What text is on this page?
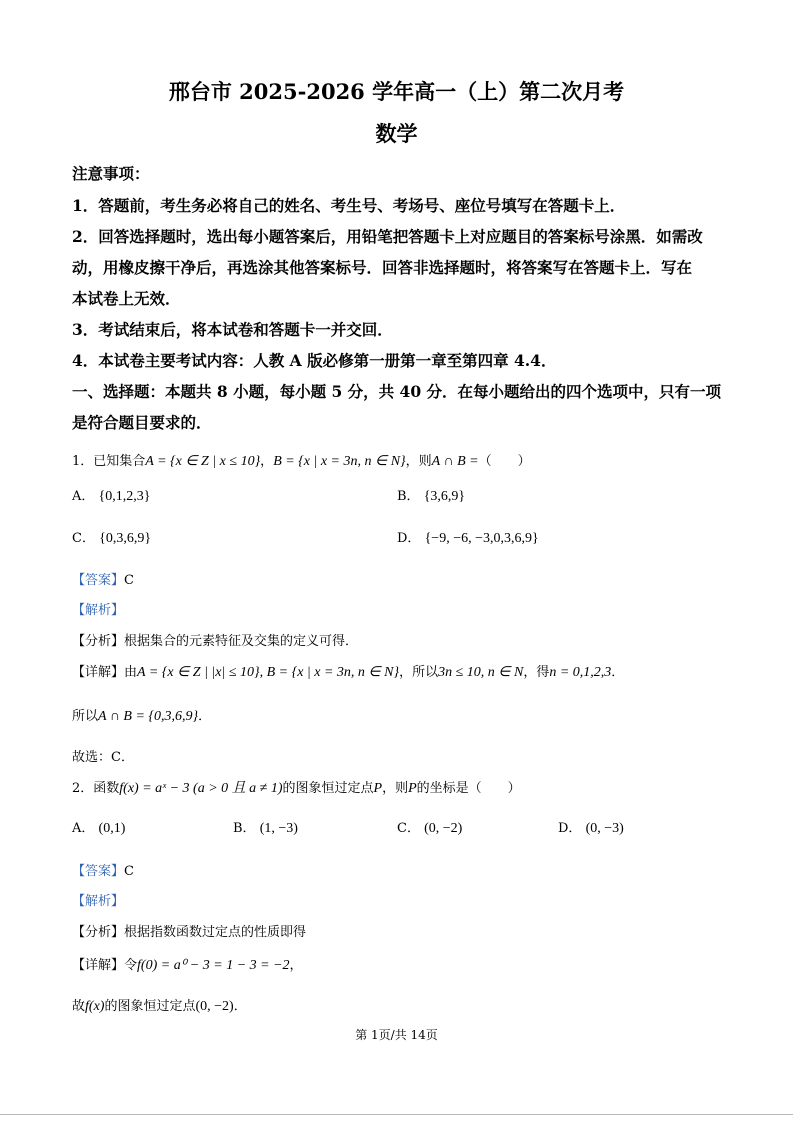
邢台市 2025-2026 学年高一（上）第二次月考
数学
注意事项：
1．答题前，考生务必将自己的姓名、考生号、考场号、座位号填写在答题卡上．
2．回答选择题时，选出每小题答案后，用铅笔把答题卡上对应题目的答案标号涂黑．如需改
动，用橡皮擦干净后，再选涂其他答案标号．回答非选择题时，将答案写在答题卡上．写在
本试卷上无效．
3．考试结束后，将本试卷和答题卡一并交回．
4．本试卷主要考试内容：人教 A 版必修第一册第一章至第四章 4.4．
一、选择题：本题共 8 小题，每小题 5 分，共 40 分．在每小题给出的四个选项中，只有一项
是符合题目要求的．
1．已知集合A = {x ∈ Z | x ≤ 10}，B = {x | x = 3n, n ∈ N}，则A ∩ B =（　　）
A． {0,1,2,3}	B． {3,6,9}
C． {0,3,6,9}	D． {−9, −6, −3,0,3,6,9}
【答案】C
【解析】
【分析】根据集合的元素特征及交集的定义可得．
【详解】由A = {x ∈ Z | |x| ≤ 10}, B = {x | x = 3n, n ∈ N}，所以3n ≤ 10, n ∈ N，得n = 0,1,2,3．
所以A ∩ B = {0,3,6,9}．
故选：C．
2．函数f(x) = aˣ − 3 (a > 0 且 a ≠ 1)的图象恒过定点P，则P的坐标是（　　）
A． (0,1)	B． (1, −3)	C． (0, −2)	D． (0, −3)
【答案】C
【解析】
【分析】根据指数函数过定点的性质即得
【详解】令f(0) = a⁰ − 3 = 1 − 3 = −2，
故f(x)的图象恒过定点(0, −2)．
第 1页/共 14页
